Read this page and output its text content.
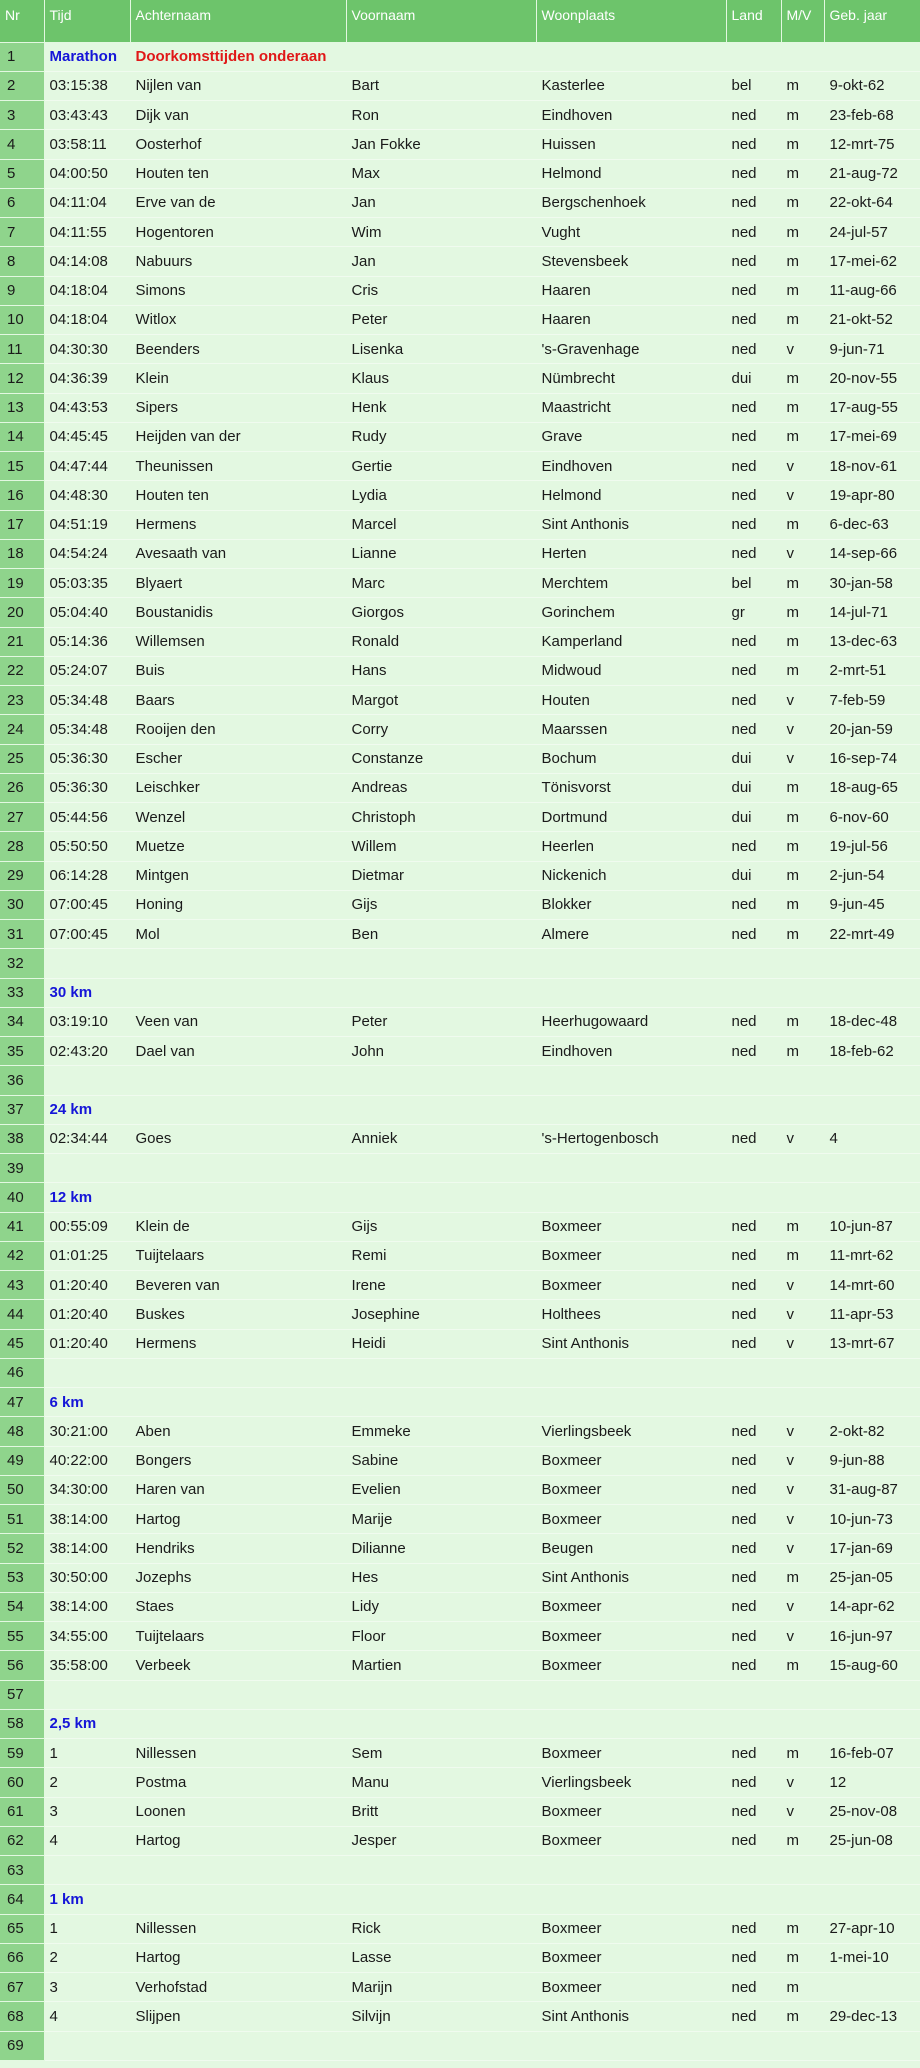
Nr	Tijd	Achternaam	Voornaam	Woonplaats	Land	M/V	Geb. jaar
1	Marathon	Doorkomsttijden onderaan					
2	03:15:38	Nijlen van	Bart	Kasterlee	bel	m	9-okt-62
3	03:43:43	Dijk van	Ron	Eindhoven	ned	m	23-feb-68
4	03:58:11	Oosterhof	Jan Fokke	Huissen	ned	m	12-mrt-75
5	04:00:50	Houten ten	Max	Helmond	ned	m	21-aug-72
6	04:11:04	Erve van de	Jan	Bergschenhoek	ned	m	22-okt-64
7	04:11:55	Hogentoren	Wim	Vught	ned	m	24-jul-57
8	04:14:08	Nabuurs	Jan	Stevensbeek	ned	m	17-mei-62
9	04:18:04	Simons	Cris	Haaren	ned	m	11-aug-66
10	04:18:04	Witlox	Peter	Haaren	ned	m	21-okt-52
11	04:30:30	Beenders	Lisenka	's-Gravenhage	ned	v	9-jun-71
12	04:36:39	Klein	Klaus	Nümbrecht	dui	m	20-nov-55
13	04:43:53	Sipers	Henk	Maastricht	ned	m	17-aug-55
14	04:45:45	Heijden van der	Rudy	Grave	ned	m	17-mei-69
15	04:47:44	Theunissen	Gertie	Eindhoven	ned	v	18-nov-61
16	04:48:30	Houten ten	Lydia	Helmond	ned	v	19-apr-80
17	04:51:19	Hermens	Marcel	Sint Anthonis	ned	m	6-dec-63
18	04:54:24	Avesaath van	Lianne	Herten	ned	v	14-sep-66
19	05:03:35	Blyaert	Marc	Merchtem	bel	m	30-jan-58
20	05:04:40	Boustanidis	Giorgos	Gorinchem	gr	m	14-jul-71
21	05:14:36	Willemsen	Ronald	Kamperland	ned	m	13-dec-63
22	05:24:07	Buis	Hans	Midwoud	ned	m	2-mrt-51
23	05:34:48	Baars	Margot	Houten	ned	v	7-feb-59
24	05:34:48	Rooijen den	Corry	Maarssen	ned	v	20-jan-59
25	05:36:30	Escher	Constanze	Bochum	dui	v	16-sep-74
26	05:36:30	Leischker	Andreas	Tönisvorst	dui	m	18-aug-65
27	05:44:56	Wenzel	Christoph	Dortmund	dui	m	6-nov-60
28	05:50:50	Muetze	Willem	Heerlen	ned	m	19-jul-56
29	06:14:28	Mintgen	Dietmar	Nickenich	dui	m	2-jun-54
30	07:00:45	Honing	Gijs	Blokker	ned	m	9-jun-45
31	07:00:45	Mol	Ben	Almere	ned	m	22-mrt-49
32							
33	30 km						
34	03:19:10	Veen van	Peter	Heerhugowaard	ned	m	18-dec-48
35	02:43:20	Dael van	John	Eindhoven	ned	m	18-feb-62
36							
37	24 km						
38	02:34:44	Goes	Anniek	's-Hertogenbosch	ned	v	4
39							
40	12 km						
41	00:55:09	Klein de	Gijs	Boxmeer	ned	m	10-jun-87
42	01:01:25	Tuijtelaars	Remi	Boxmeer	ned	m	11-mrt-62
43	01:20:40	Beveren van	Irene	Boxmeer	ned	v	14-mrt-60
44	01:20:40	Buskes	Josephine	Holthees	ned	v	11-apr-53
45	01:20:40	Hermens	Heidi	Sint Anthonis	ned	v	13-mrt-67
46							
47	6 km						
48	30:21:00	Aben	Emmeke	Vierlingsbeek	ned	v	2-okt-82
49	40:22:00	Bongers	Sabine	Boxmeer	ned	v	9-jun-88
50	34:30:00	Haren van	Evelien	Boxmeer	ned	v	31-aug-87
51	38:14:00	Hartog	Marije	Boxmeer	ned	v	10-jun-73
52	38:14:00	Hendriks	Dilianne	Beugen	ned	v	17-jan-69
53	30:50:00	Jozephs	Hes	Sint Anthonis	ned	m	25-jan-05
54	38:14:00	Staes	Lidy	Boxmeer	ned	v	14-apr-62
55	34:55:00	Tuijtelaars	Floor	Boxmeer	ned	v	16-jun-97
56	35:58:00	Verbeek	Martien	Boxmeer	ned	m	15-aug-60
57							
58	2,5 km						
59	1	Nillessen	Sem	Boxmeer	ned	m	16-feb-07
60	2	Postma	Manu	Vierlingsbeek	ned	v	12
61	3	Loonen	Britt	Boxmeer	ned	v	25-nov-08
62	4	Hartog	Jesper	Boxmeer	ned	m	25-jun-08
63							
64	1 km						
65	1	Nillessen	Rick	Boxmeer	ned	m	27-apr-10
66	2	Hartog	Lasse	Boxmeer	ned	m	1-mei-10
67	3	Verhofstad	Marijn	Boxmeer	ned	m	
68	4	Slijpen	Silvijn	Sint Anthonis	ned	m	29-dec-13
69							
